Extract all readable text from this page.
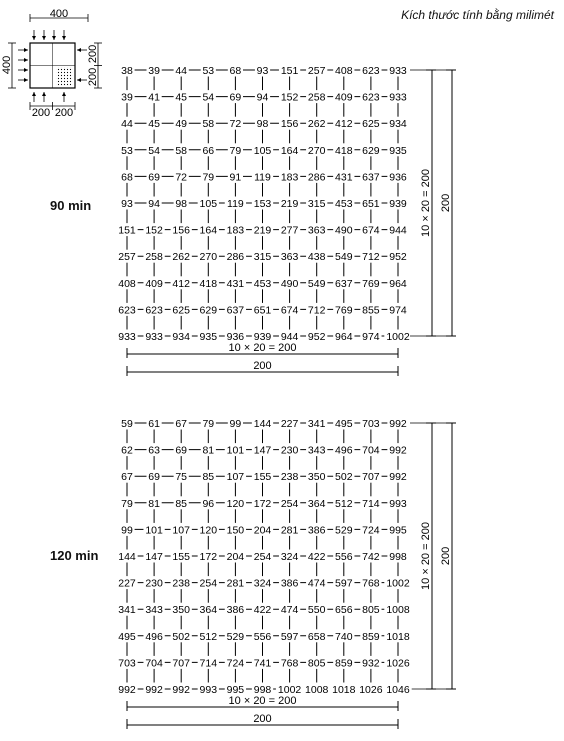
Kích thước tính bằng milimét
400
400
200 200
200
200
90 min
120 min
38 39 44 53 68 93 151 257 408 623 933
39 41 45 54 69 94 152 258 409 623 933
44 45 49 58 72 98 156 262 412 625 934
53 54 58 66 79 105 164 270 418 629 935
68 69 72 79 91 119 183 286 431 637 936
93 94 98 105 119 153 219 315 453 651 939
151 152 156 164 183 219 277 363 490 674 944
257 258 262 270 286 315 363 438 549 712 952
408 409 412 418 431 453 490 549 637 769 964
623 623 625 629 637 651 674 712 769 855 974
933 933 934 935 936 939 944 952 964 974 1002
10 × 20 = 200
200
10 × 20 = 200 200
10 × 20 = 200
200
10 × 20 = 200 200
59 61 67 79 99 144 227 341 495 703 992
62 63 69 81 101 147 230 343 496 704 992
67 69 75 85 107 155 238 350 502 707 992
79 81 85 96 120 172 254 364 512 714 993
99 101 107 120 150 204 281 386 529 724 995
144 147 155 172 204 254 324 422 556 742 998
227 230 238 254 281 324 386 474 597 768 1002
341 343 350 364 386 422 474 550 656 805 1008
495 496 502 512 529 556 597 658 740 859 1018
703 704 707 714 724 741 768 805 859 932 1026
992 992 992 993 995 998 1002 1008 1018 1026 1046
